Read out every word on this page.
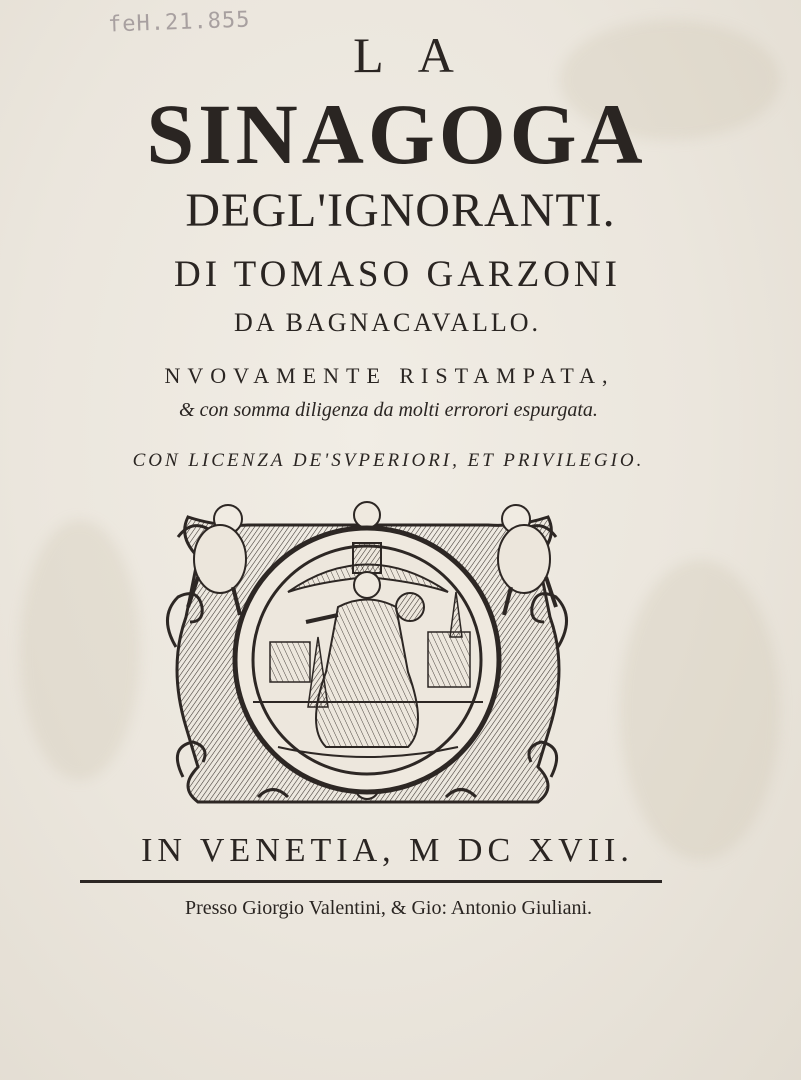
feH.21.855
LA
SINAGOGA
DEGL'IGNORANTI.
DI TOMASO GARZONI
DA BAGNACAVALLO.
NVOVAMENTE RISTAMPATA,
& con somma diligenza da molti errorori espurgata.
CON LICENZA DE'SVPERIORI, ET PRIVILEGIO.
IN VENETIA, M DC XVII.
Presso Giorgio Valentini, & Gio: Antonio Giuliani.
